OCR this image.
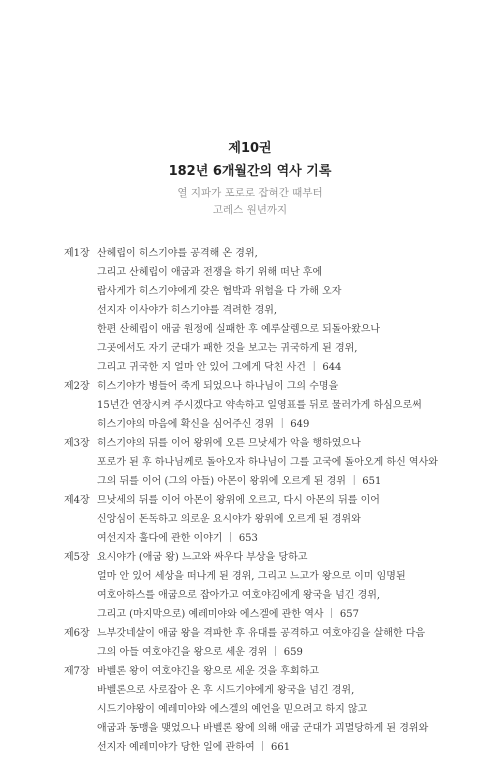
제10권
182년 6개월간의 역사 기록
열 지파가 포로로 잡혀간 때부터
고레스 원년까지
제1장 산헤립이 히스기야를 공격해 온 경위,
그리고 산헤립이 애굽과 전쟁을 하기 위해 떠난 후에
랍사게가 히스기야에게 갖은 협박과 위험을 다 가해 오자
선지자 이사야가 히스기야를 격려한 경위,
한편 산헤립이 애굽 원정에 실패한 후 예루살렘으로 되돌아왔으나
그곳에서도 자기 군대가 패한 것을 보고는 귀국하게 된 경위,
그리고 귀국한 지 얼마 안 있어 그에게 닥친 사건 ｜ 644
제2장 히스기야가 병들어 죽게 되었으나 하나님이 그의 수명을
15년간 연장시켜 주시겠다고 약속하고 일영표를 뒤로 물러가게 하심으로써
히스기야의 마음에 확신을 심어주신 경위 ｜ 649
제3장 히스기야의 뒤를 이어 왕위에 오른 므낫세가 악을 행하였으나
포로가 된 후 하나님께로 돌아오자 하나님이 그를 고국에 돌아오게 하신 역사와
그의 뒤를 이어 (그의 아들) 아몬이 왕위에 오르게 된 경위 ｜ 651
제4장 므낫세의 뒤를 이어 아몬이 왕위에 오르고, 다시 아몬의 뒤를 이어
신앙심이 돈독하고 의로운 요시야가 왕위에 오르게 된 경위와
여선지자 훌다에 관한 이야기 ｜ 653
제5장 요시야가 (애굽 왕) 느고와 싸우다 부상을 당하고
얼마 안 있어 세상을 떠나게 된 경위, 그리고 느고가 왕으로 이미 임명된
여호아하스를 애굽으로 잡아가고 여호야김에게 왕국을 넘긴 경위,
그리고 (마지막으로) 예레미야와 에스겔에 관한 역사 ｜ 657
제6장 느부갓네살이 애굽 왕을 격파한 후 유대를 공격하고 여호야김을 살해한 다음
그의 아들 여호야긴을 왕으로 세운 경위 ｜ 659
제7장 바벨론 왕이 여호야긴을 왕으로 세운 것을 후회하고
바벨론으로 사로잡아 온 후 시드기야에게 왕국을 넘긴 경위,
시드기야왕이 예레미야와 에스겔의 예언을 믿으려고 하지 않고
애굽과 동맹을 맺었으나 바벨론 왕에 의해 애굽 군대가 괴멸당하게 된 경위와
선지자 예레미야가 당한 일에 관하여 ｜ 661
